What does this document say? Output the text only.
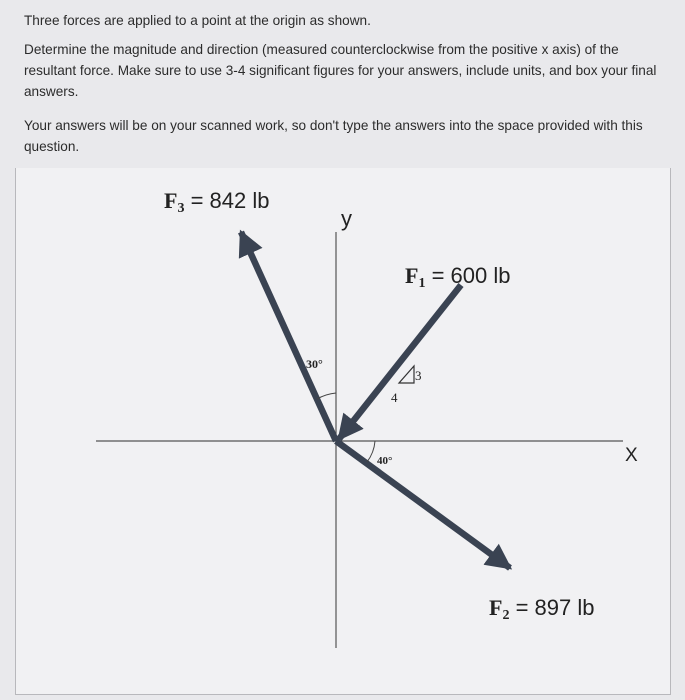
Three forces are applied to a point at the origin as shown.

Determine the magnitude and direction (measured counterclockwise from the positive x axis) of the resultant force. Make sure to use 3-4 significant figures for your answers, include units, and box your final answers.

Your answers will be on your scanned work, so don't type the answers into the space provided with this question.

F3 = 842 lb
y
F1 = 600 lb
30°
3
4
40°	X
F2 = 897 lb
